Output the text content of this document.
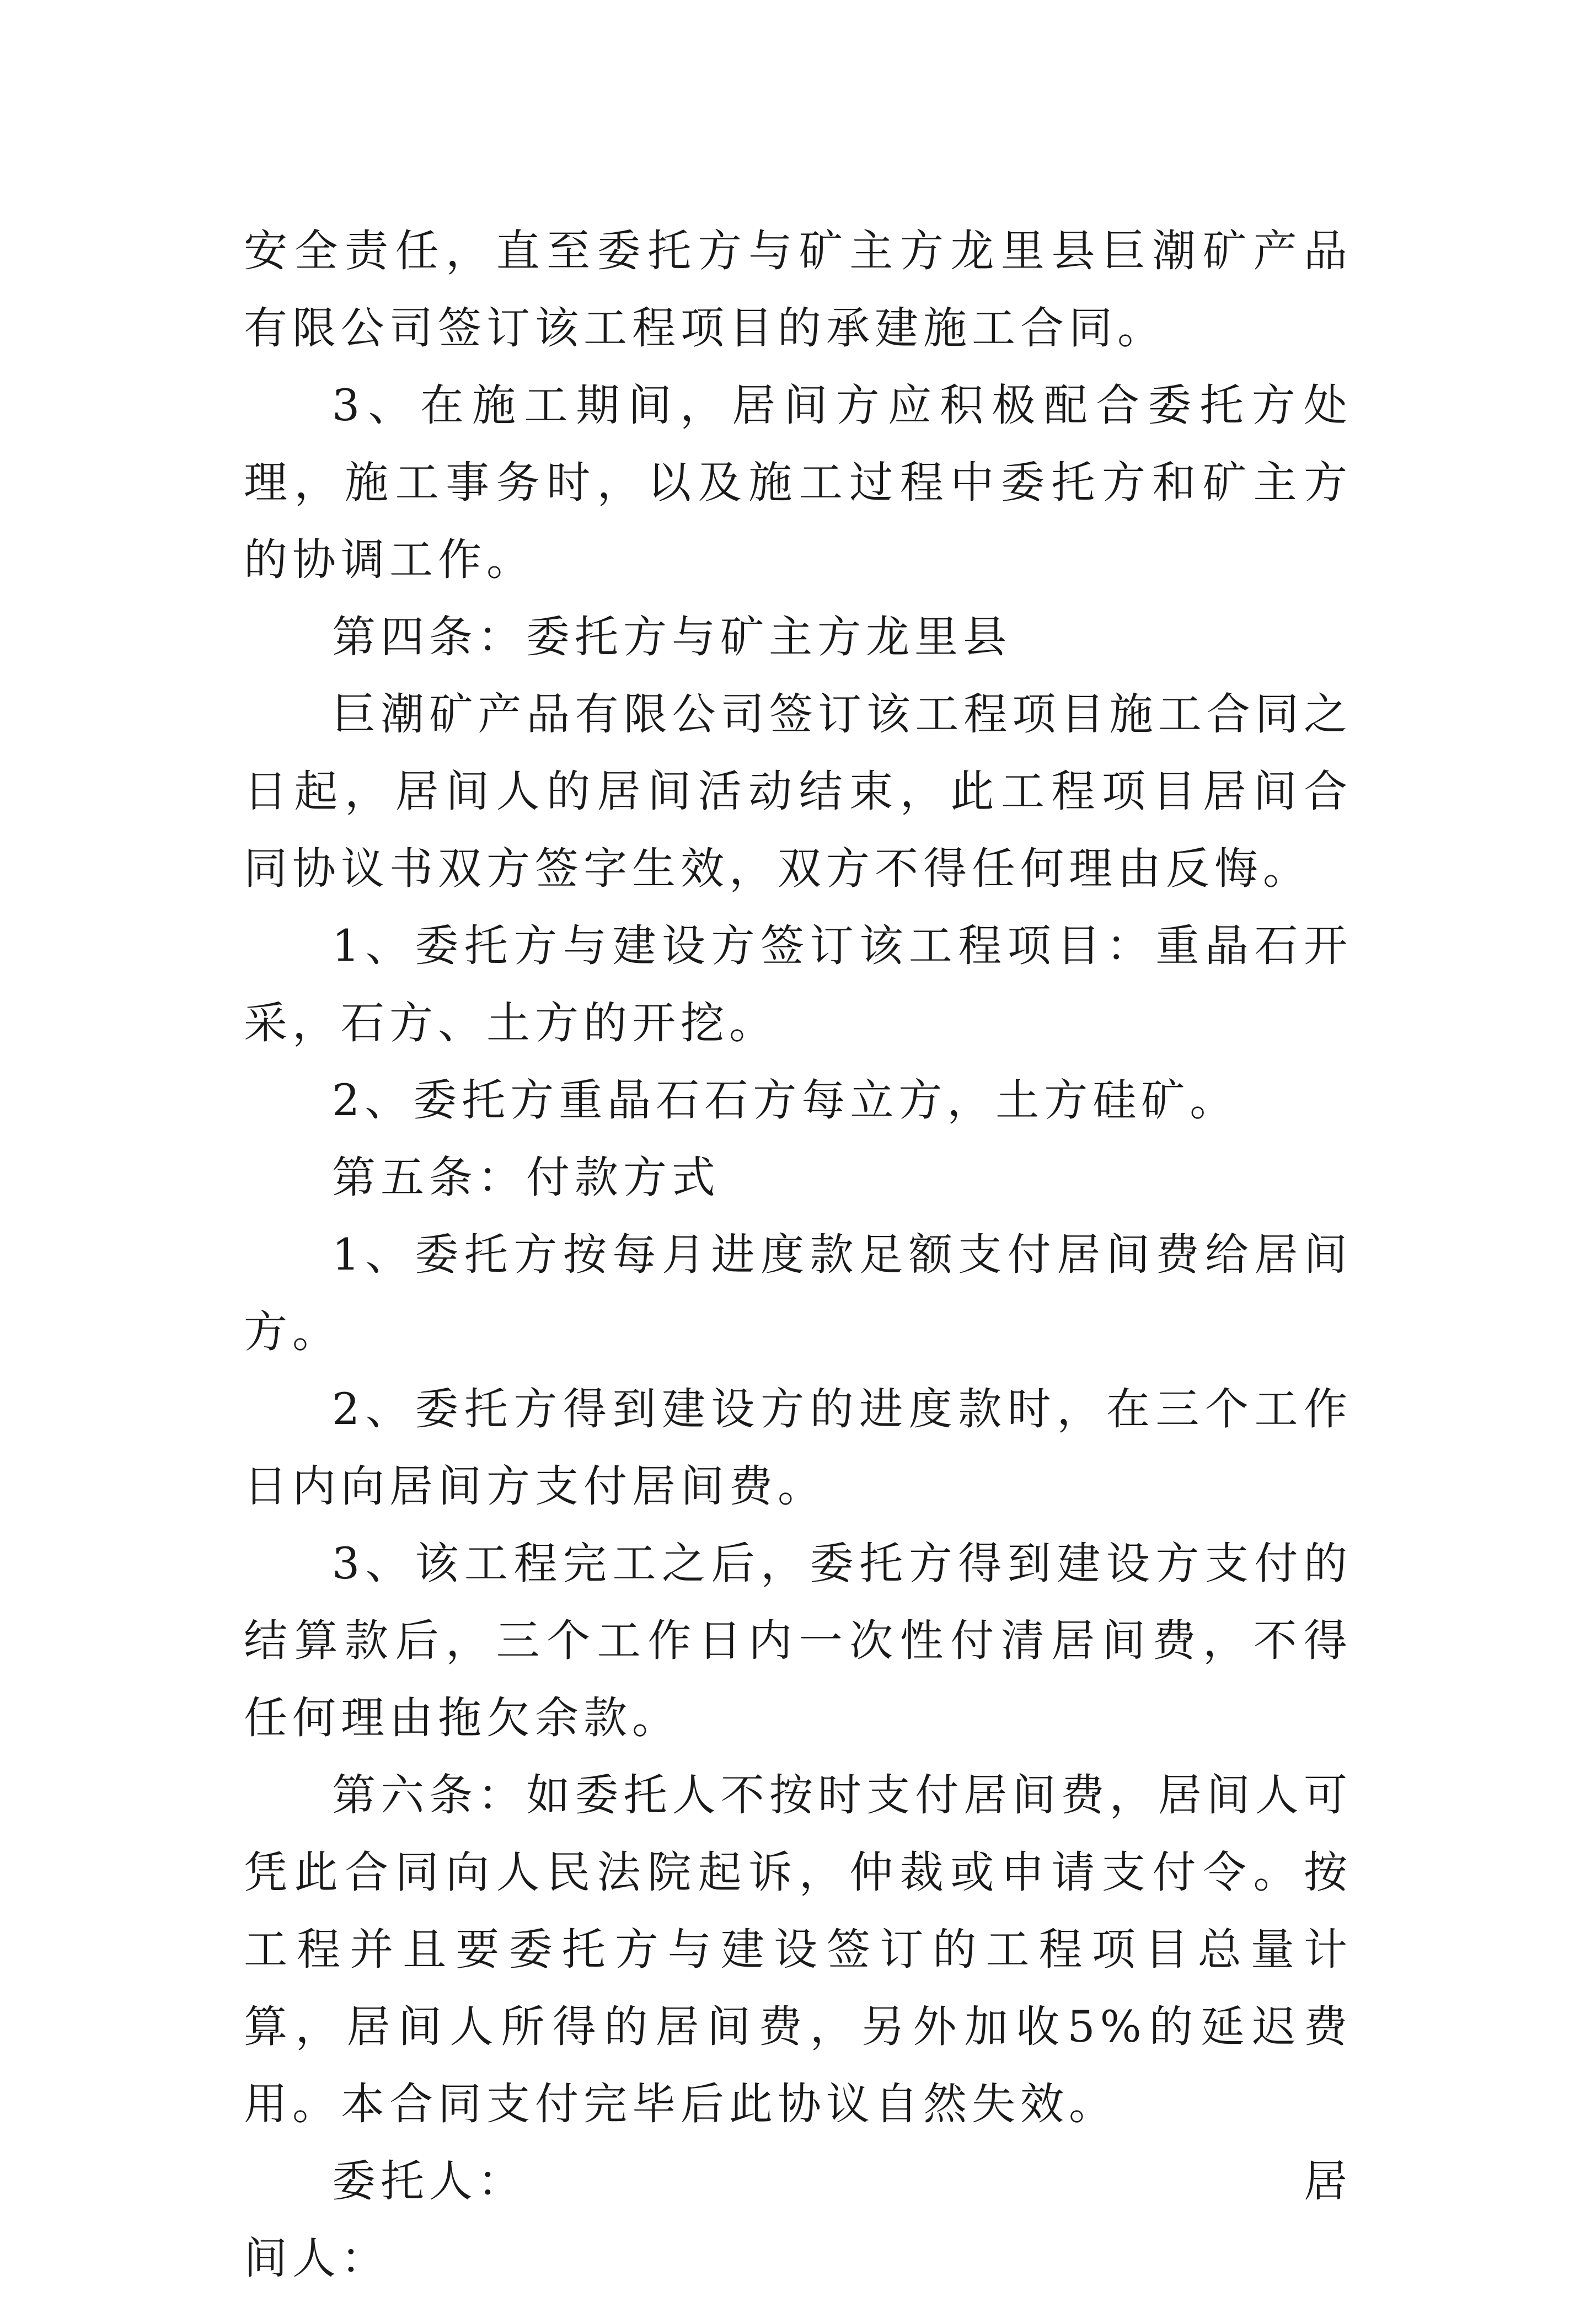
安全责任，直至委托方与矿主方龙里县巨潮矿产品有限公司签订该工程项目的承建施工合同。

3、在施工期间，居间方应积极配合委托方处理，施工事务时，以及施工过程中委托方和矿主方的协调工作。

第四条：委托方与矿主方龙里县

巨潮矿产品有限公司签订该工程项目施工合同之日起，居间人的居间活动结束，此工程项目居间合同协议书双方签字生效，双方不得任何理由反悔。

1、委托方与建设方签订该工程项目：重晶石开采，石方、土方的开挖。

2、委托方重晶石石方每立方，土方硅矿。

第五条：付款方式

1、委托方按每月进度款足额支付居间费给居间方。

2、委托方得到建设方的进度款时，在三个工作日内向居间方支付居间费。

3、该工程完工之后，委托方得到建设方支付的结算款后，三个工作日内一次性付清居间费，不得任何理由拖欠余款。

第六条：如委托人不按时支付居间费，居间人可凭此合同向人民法院起诉，仲裁或申请支付令。按工程并且要委托方与建设签订的工程项目总量计算，居间人所得的居间费，另外加收5%的延迟费用。本合同支付完毕后此协议自然失效。

委托人：	居

间人：
